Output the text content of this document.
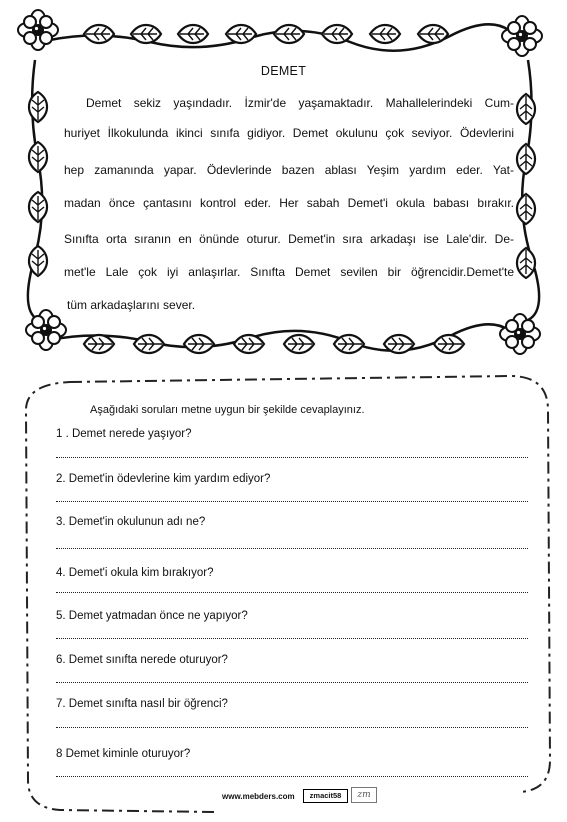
DEMET
Demet sekiz yaşındadır. İzmir'de yaşamaktadır. Mahallelerindeki Cum-
huriyet İlkokulunda ikinci sınıfa gidiyor. Demet okulunu çok seviyor. Ödevlerini
hep zamanında yapar. Ödevlerinde bazen ablası Yeşim yardım eder. Yat-
madan önce çantasını kontrol eder. Her sabah Demet'i okula babası bırakır.
Sınıfta orta sıranın en önünde oturur. Demet'in sıra arkadaşı ise Lale'dir. De-
met'le Lale çok iyi anlaşırlar. Sınıfta Demet sevilen bir öğrencidir.Demet'te
tüm arkadaşlarını sever.
Aşağıdaki soruları metne uygun bir şekilde cevaplayınız.
1 . Demet nerede yaşıyor?
2. Demet'in ödevlerine kim yardım ediyor?
3. Demet'in okulunun adı ne?
4. Demet'i okula kim bırakıyor?
5. Demet yatmadan önce ne yapıyor?
6. Demet sınıfta nerede oturuyor?
7. Demet sınıfta nasıl bir öğrenci?
8 Demet kiminle oturuyor?
www.mebders.com	zmacit58	zm
